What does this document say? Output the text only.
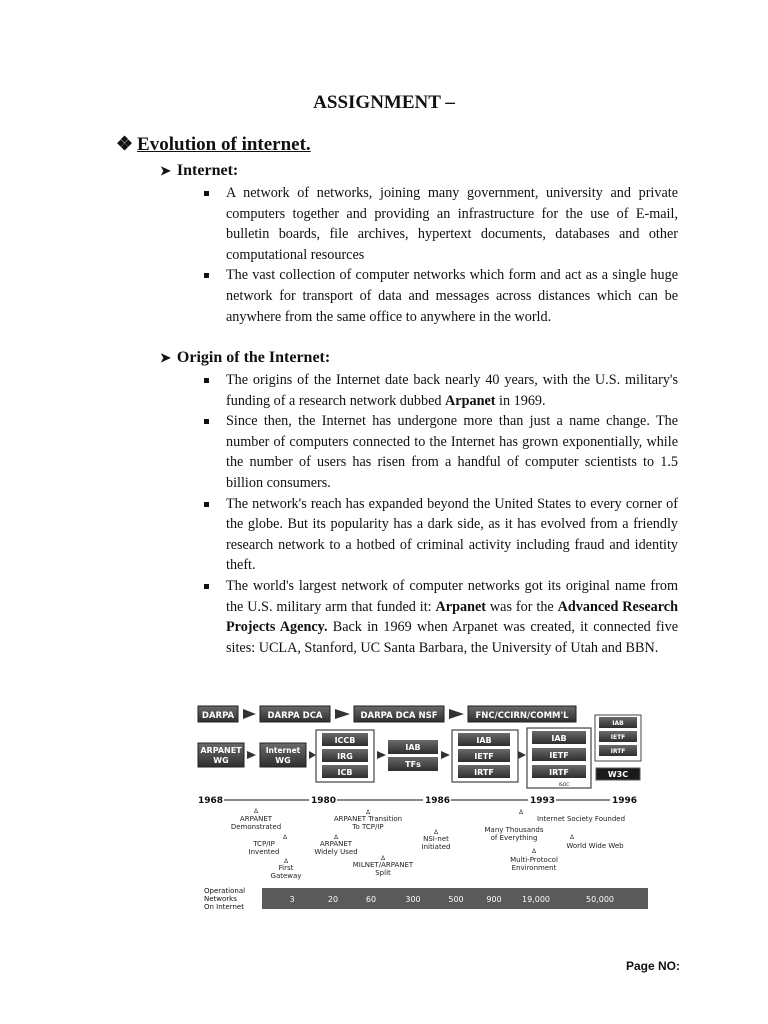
ASSIGNMENT –
❖ Evolution of internet.
➤ Internet:
A network of networks, joining many government, university and private computers together and providing an infrastructure for the use of E-mail, bulletin boards, file archives, hypertext documents, databases and other computational resources
The vast collection of computer networks which form and act as a single huge network for transport of data and messages across distances which can be anywhere from the same office to anywhere in the world.
➤ Origin of the Internet:
The origins of the Internet date back nearly 40 years, with the U.S. military's funding of a research network dubbed Arpanet in 1969.
Since then, the Internet has undergone more than just a name change. The number of computers connected to the Internet has grown exponentially, while the number of users has risen from a handful of computer scientists to 1.5 billion consumers.
The network's reach has expanded beyond the United States to every corner of the globe. But its popularity has a dark side, as it has evolved from a friendly research network to a hotbed of criminal activity including fraud and identity theft.
The world's largest network of computer networks got its original name from the U.S. military arm that funded it: Arpanet was for the Advanced Research Projects Agency. Back in 1969 when Arpanet was created, it connected five sites: UCLA, Stanford, UC Santa Barbara, the University of Utah and BBN.
DARPA	DARPA DCA	DARPA DCA NSF	FNC/CCIRN/COMM'L
ARPANET
WG
Internet
WG
ICCB
IRG
ICB
IAB
TFs
IAB
IETF
IRTF
IAB
IETF
IRTF
ISOC
IAB
IETF
IRTF
W3C
1968	1980	1986	1993	1996
Δ
ARPANET
Demonstrated
Δ
TCP/IP
Invented
Δ
First
Gateway
Δ
ARPANET Transition
To TCP/IP
Δ
ARPANET
Widely Used
Δ
MILNET/ARPANET
Split
Δ
NSI-net
Initiated
Δ
Internet Society Founded
Many Thousands
of Everything	Δ
World Wide Web
Δ
Multi-Protocol
Environment
Operational
Networks
On Internet
3	20	60	300	500	900	19,000	50,000
Page NO:
